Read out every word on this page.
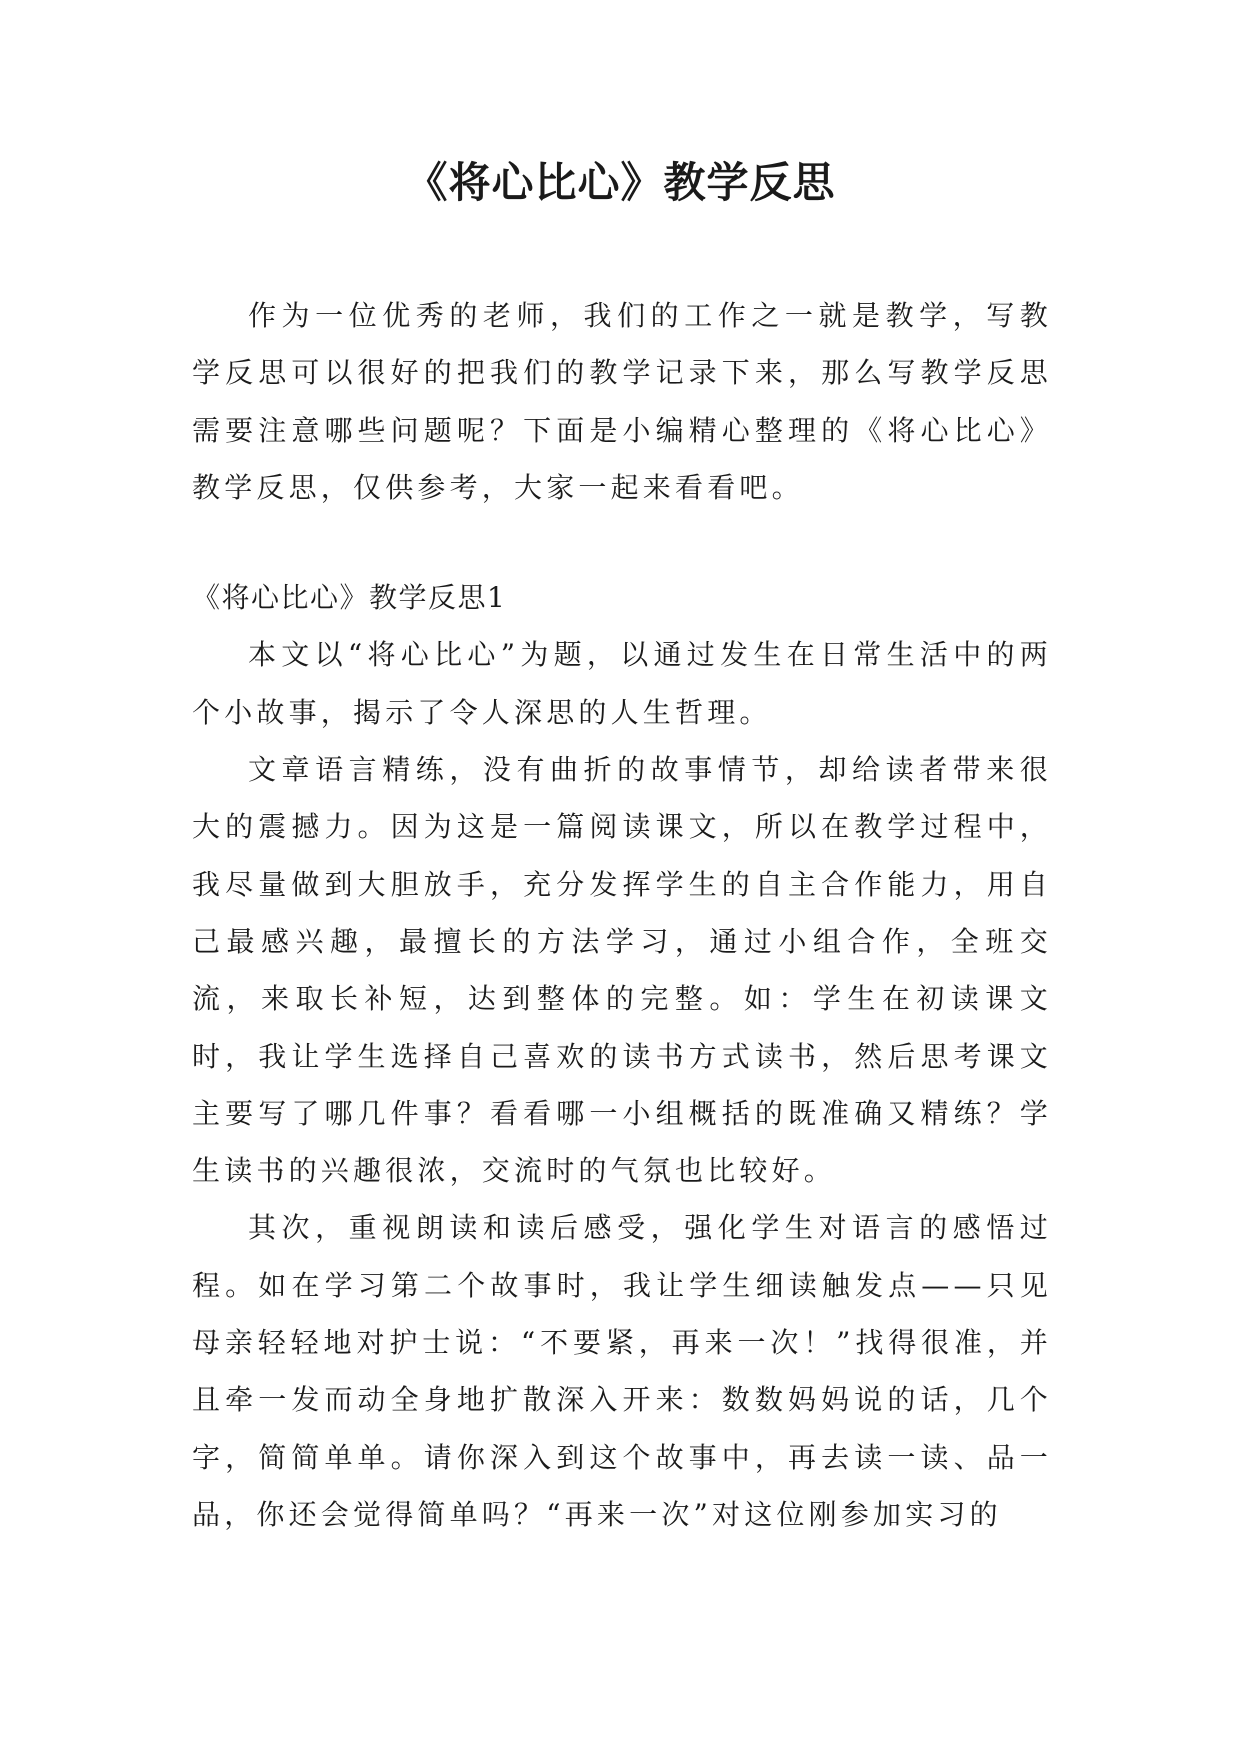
《将心比心》教学反思

作为一位优秀的老师，我们的工作之一就是教学，写教学反思可以很好的把我们的教学记录下来，那么写教学反思需要注意哪些问题呢？下面是小编精心整理的《将心比心》教学反思，仅供参考，大家一起来看看吧。

《将心比心》教学反思1

本文以“将心比心”为题，以通过发生在日常生活中的两个小故事，揭示了令人深思的人生哲理。

文章语言精练，没有曲折的故事情节，却给读者带来很大的震撼力。因为这是一篇阅读课文，所以在教学过程中，我尽量做到大胆放手，充分发挥学生的自主合作能力，用自己最感兴趣，最擅长的方法学习，通过小组合作，全班交流，来取长补短，达到整体的完整。如：学生在初读课文时，我让学生选择自己喜欢的读书方式读书，然后思考课文主要写了哪几件事？看看哪一小组概括的既准确又精练？学生读书的兴趣很浓，交流时的气氛也比较好。

其次，重视朗读和读后感受，强化学生对语言的感悟过程。如在学习第二个故事时，我让学生细读触发点——只见母亲轻轻地对护士说：“不要紧，再来一次！”找得很准，并且牵一发而动全身地扩散深入开来：数数妈妈说的话，几个字，简简单单。请你深入到这个故事中，再去读一读、品一品，你还会觉得简单吗？“再来一次”对这位刚参加实习的
